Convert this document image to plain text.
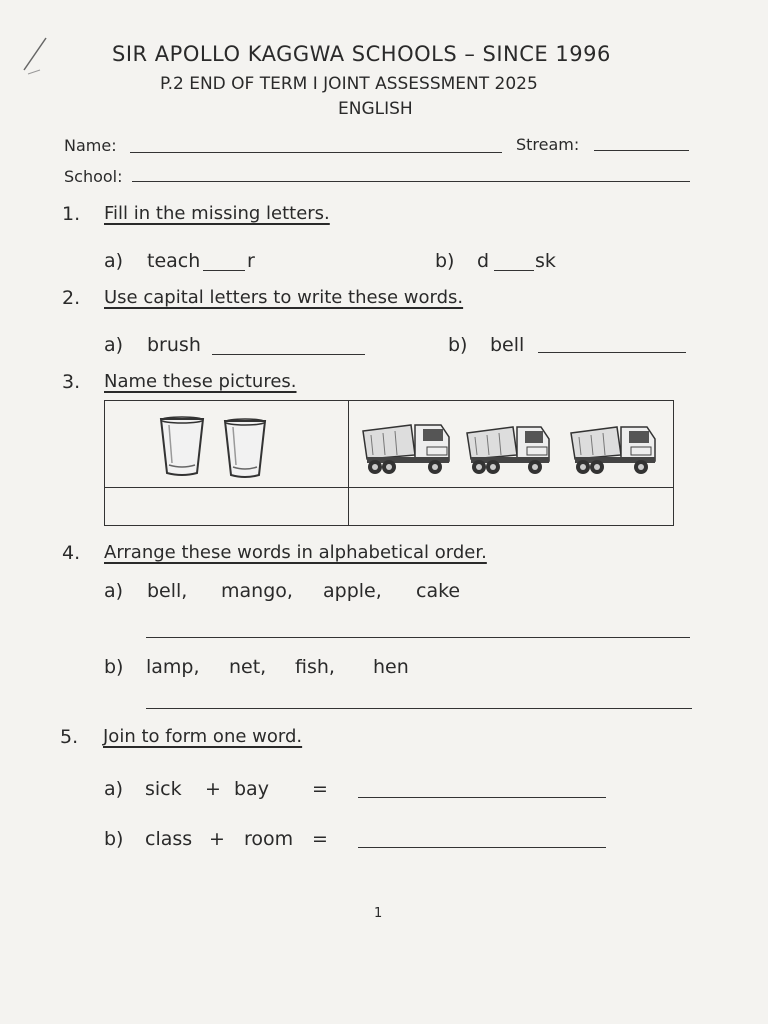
SIR APOLLO KAGGWA SCHOOLS – SINCE 1996
P.2 END OF TERM I JOINT ASSESSMENT 2025
ENGLISH
Name:	Stream:
School:
1. Fill in the missing letters.
a) teach r	b) d sk
2. Use capital letters to write these words.
a) brush	b) bell
3. Name these pictures.
4. Arrange these words in alphabetical order.
a) bell, mango, apple, cake
b) lamp, net, fish, hen
5. Join to form one word.
a) sick + bay =
b) class + room =
1
